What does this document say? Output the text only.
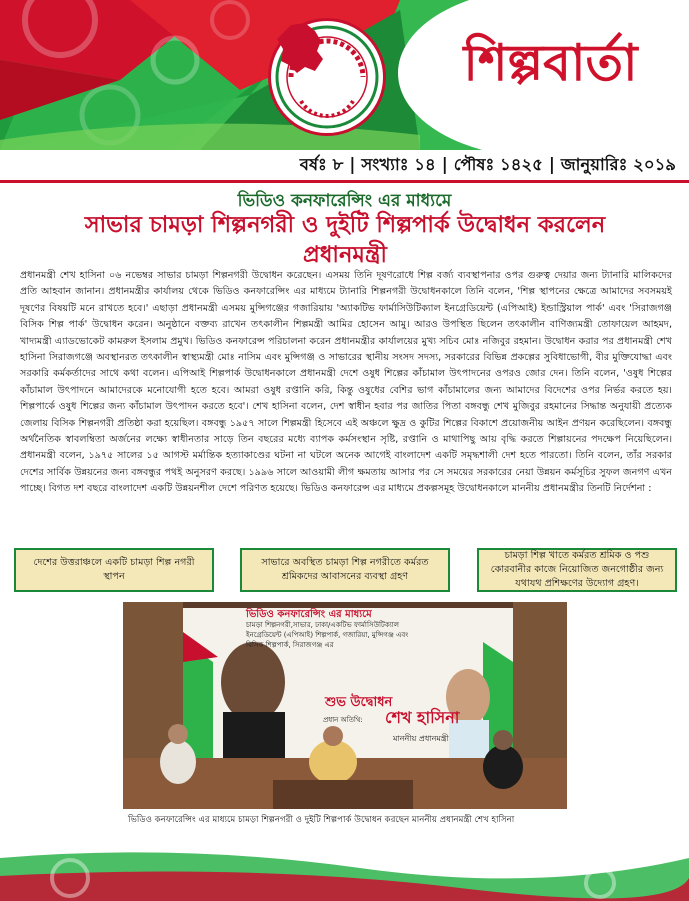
শিল্পবার্তা
বর্ষঃ ৮ | সংখ্যাঃ ১৪ | পৌষঃ ১৪২৫ | জানুয়ারিঃ ২০১৯
ভিডিও কনফারেন্সিং এর মাধ্যমে
সাভার চামড়া শিল্পনগরী ও দুইটি শিল্পপার্ক উদ্বোধন করলেন প্রধানমন্ত্রী
প্রধানমন্ত্রী শেখ হাসিনা ০৬ নভেম্বর সাভার চামড়া শিল্পনগরী উদ্বোধন করেছেন। এসময় তিনি দূষণরোধে শিল্প বর্জ্য ব্যবস্থাপনার ওপর গুরুত্ব দেয়ার জন্য ট্যানারি মালিকদের প্রতি আহবান জানান। প্রধানমন্ত্রীর কার্যালয় থেকে ভিডিও কনফারেন্সিং এর মাধ্যমে ট্যানারি শিল্পনগরী উদ্বোধনকালে তিনি বলেন, 'শিল্প স্থাপনের ক্ষেত্রে আমাদের সবসময়ই দূষণের বিষয়টি মনে রাখতে হবে।' এছাড়া প্রধানমন্ত্রী এসময় মুন্সিগঞ্জের গজারিয়ায় 'অ্যাকটিভ ফার্মাসিউটিক্যাল ইনগ্রেডিয়েন্ট (এপিআই) ইন্ডাস্ট্রিয়াল পার্ক' এবং 'সিরাজগঞ্জ বিসিক শিল্প পার্ক' উদ্বোধন করেন। অনুষ্ঠানে বক্তব্য রাখেন তৎকালীন শিল্পমন্ত্রী আমির হোসেন আমু। আরও উপস্থিত ছিলেন তৎকালীন বাণিজ্যমন্ত্রী তোফায়েল আহমদ, খাদ্যমন্ত্রী এ্যাডভোকেট কামরুল ইসলাম প্রমুখ। ভিডিও কনফারেন্স পরিচালনা করেন প্রধানমন্ত্রীর কার্যালয়ের মুখ্য সচিব মোঃ নজিবুর রহমান। উদ্বোধন করার পর প্রধানমন্ত্রী শেখ হাসিনা সিরাজগঞ্জে অবস্থানরত তৎকালীন স্বাস্থ্যমন্ত্রী মোঃ নাসিম এবং মুন্সিগঞ্জ ও সাভারের স্থানীয় সংসদ সদস্য, সরকারের বিভিন্ন প্রকল্পের সুবিধাভোগী, বীর মুক্তিযোদ্ধা এবং সরকারি কর্মকর্তাদের সাথে কথা বলেন। এপিআই শিল্পপার্ক উদ্বোধনকালে প্রধানমন্ত্রী দেশে ওষুধ শিল্পের কাঁচামাল উৎপাদনের ওপরও জোর দেন। তিনি বলেন, 'ওষুধ শিল্পের কাঁচামাল উৎপাদনে আমাদেরকে মনোযোগী হতে হবে। আমরা ওষুধ রপ্তানি করি, কিন্তু ওষুধের বেশির ভাগ কাঁচামালের জন্য আমাদের বিদেশের ওপর নির্ভর করতে হয়। শিল্পপার্কে ওষুধ শিল্পের জন্য কাঁচামাল উৎপাদন করতে হবে'। শেখ হাসিনা বলেন, দেশ স্বাধীন হবার পর জাতির পিতা বঙ্গবন্ধু শেখ মুজিবুর রহমানের সিদ্ধান্ত অনুযায়ী প্রত্যেক জেলায় বিসিক শিল্পনগরী প্রতিষ্ঠা করা হয়েছিল। বঙ্গবন্ধু ১৯৫৭ সালে শিল্পমন্ত্রী হিসেবে এই অঞ্চলে ক্ষুদ্র ও কুটির শিল্পের বিকাশে প্রয়োজনীয় আইন প্রণয়ন করেছিলেন। বঙ্গবন্ধু অর্থনৈতিক স্বাবলম্বিতা অর্জনের লক্ষ্যে স্বাধীনতার সাড়ে তিন বছরের মধ্যে ব্যাপক কর্মসংস্থান সৃষ্টি, রপ্তানি ও মাথাপিছু আয় বৃদ্ধি করতে শিল্পায়নের পদক্ষেপ নিয়েছিলেন। প্রধানমন্ত্রী বলেন, ১৯৭৫ সালের ১৫ আগস্ট মর্মান্তিক হত্যাকাণ্ডের ঘটনা না ঘটলে অনেক আগেই বাংলাদেশ একটি সমৃদ্ধশালী দেশ হতে পারতো। তিনি বলেন, তাঁর সরকার দেশের সার্বিক উন্নয়নের জন্য বঙ্গবন্ধুর পথই অনুসরণ করছে। ১৯৯৬ সালে আওয়ামী লীগ ক্ষমতায় আসার পর সে সময়ের সরকারের নেয়া উন্নয়ন কর্মসূচির সুফল জনগণ এখন পাচ্ছে। বিগত দশ বছরে বাংলাদেশ একটি উন্নয়নশীল দেশে পরিণত হয়েছে। ভিডিও কনফারেন্স এর মাধ্যমে প্রকল্পসমূহ উদ্বোধনকালে মাননীয় প্রধানমন্ত্রীর তিনটি নির্দেশনা :
দেশের উত্তরাঞ্চলে একটি চামড়া শিল্প নগরী স্থাপন
সাভারে অবস্থিত চামড়া শিল্প নগরীতে কর্মরত শ্রমিকদের আবাসনের ব্যবস্থা গ্রহণ
চামড়া শিল্প খাতে কর্মরত শ্রমিক ও পশু কোরবানীর কাজে নিয়োজিত জনগোষ্ঠীর জন্য যথাযথ প্রশিক্ষণের উদ্যোগ গ্রহণ।
ভিডিও কনফারেন্সিং এর মাধ্যমে
চামড়া শিল্পনগরী,সাভার, ঢাকা/একটিভ ফার্মাসিউটিক্যাল
ইনগ্রেডিয়েন্ট (এপিআই) শিল্পপার্ক, গজারিয়া, মুন্সিগঞ্জ এবং
বিসিক শিল্পপার্ক, সিরাজগঞ্জ এর
শুভ উদ্বোধন
প্রধান অতিথি: শেখ হাসিনা
মাননীয় প্রধানমন্ত্রী
ভিডিও কনফারেন্সিং এর মাধ্যমে চামড়া শিল্পনগরী ও দুইটি শিল্পপার্ক উদ্বোধন করছেন মাননীয় প্রধানমন্ত্রী শেখ হাসিনা
